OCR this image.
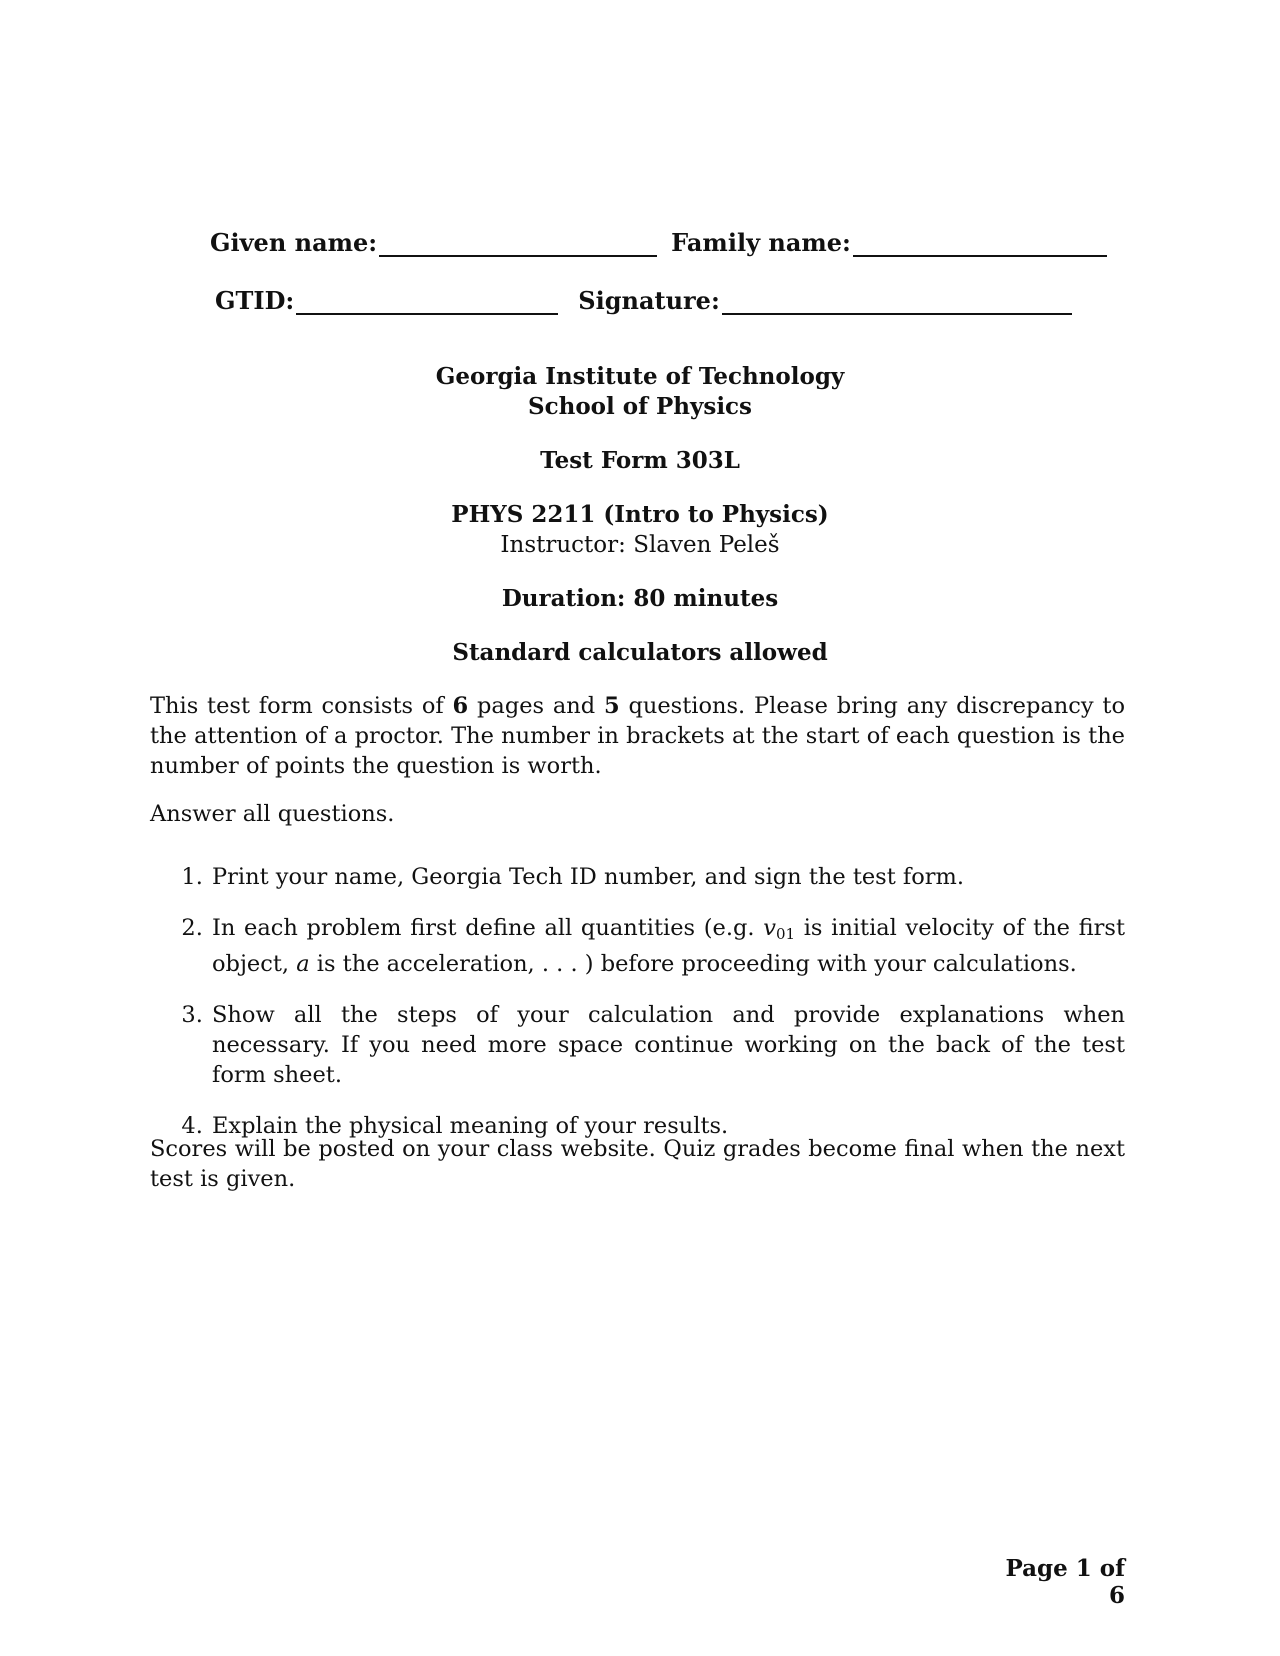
Given name:	Family name:
GTID:	Signature:
Georgia Institute of Technology
School of Physics
Test Form 303L
PHYS 2211 (Intro to Physics)
Instructor: Slaven Peleš
Duration: 80 minutes
Standard calculators allowed
This test form consists of 6 pages and 5 questions. Please bring any discrepancy to the attention of a proctor. The number in brackets at the start of each question is the number of points the question is worth.
Answer all questions.
1. Print your name, Georgia Tech ID number, and sign the test form.
2. In each problem first define all quantities (e.g. $v_{01}$ is initial velocity of the first object, a is the acceleration, . . . ) before proceeding with your calculations.
3. Show all the steps of your calculation and provide explanations when necessary. If you need more space continue working on the back of the test form sheet.
4. Explain the physical meaning of your results.
Scores will be posted on your class website. Quiz grades become final when the next test is given.
Page 1 of 6
